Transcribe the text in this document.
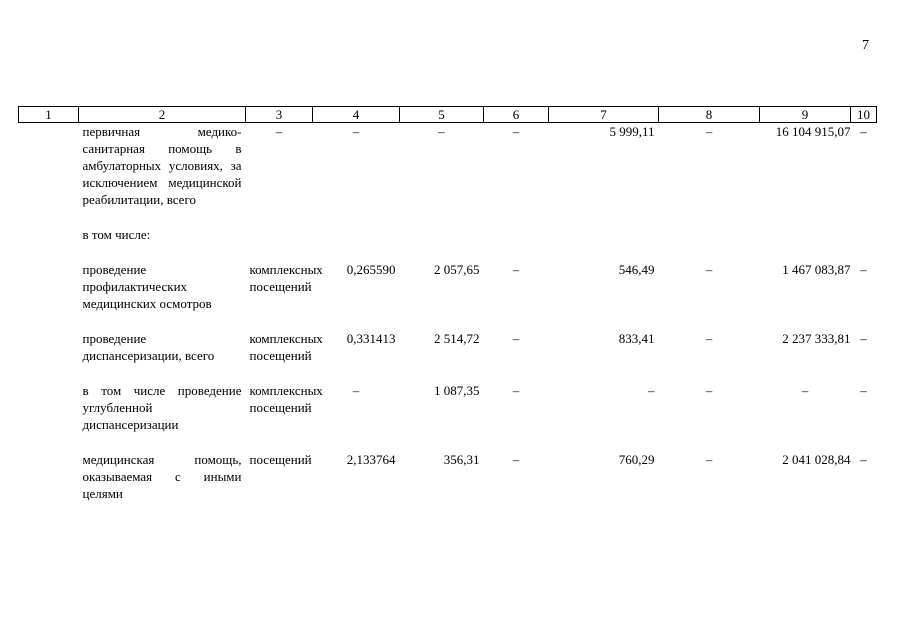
7
1	2	3	4	5	6	7	8	9	10
	первичная медико-санитарная помощь в амбулаторных условиях, за исключением медицинской реабилитации, всего	–	–	–	–	5 999,11	–	16 104 915,07	–

	в том числе:								

	проведение профилактических медицинских осмотров	комплексных посещений	0,265590	2 057,65	–	546,49	–	1 467 083,87	–

	проведение диспансеризации, всего	комплексных посещений	0,331413	2 514,72	–	833,41	–	2 237 333,81	–

	в том числе проведение углубленной диспансеризации	комплексных посещений	–	1 087,35	–	–	–	–	–

	медицинская помощь, оказываемая с иными целями	посещений	2,133764	356,31	–	760,29	–	2 041 028,84	–
